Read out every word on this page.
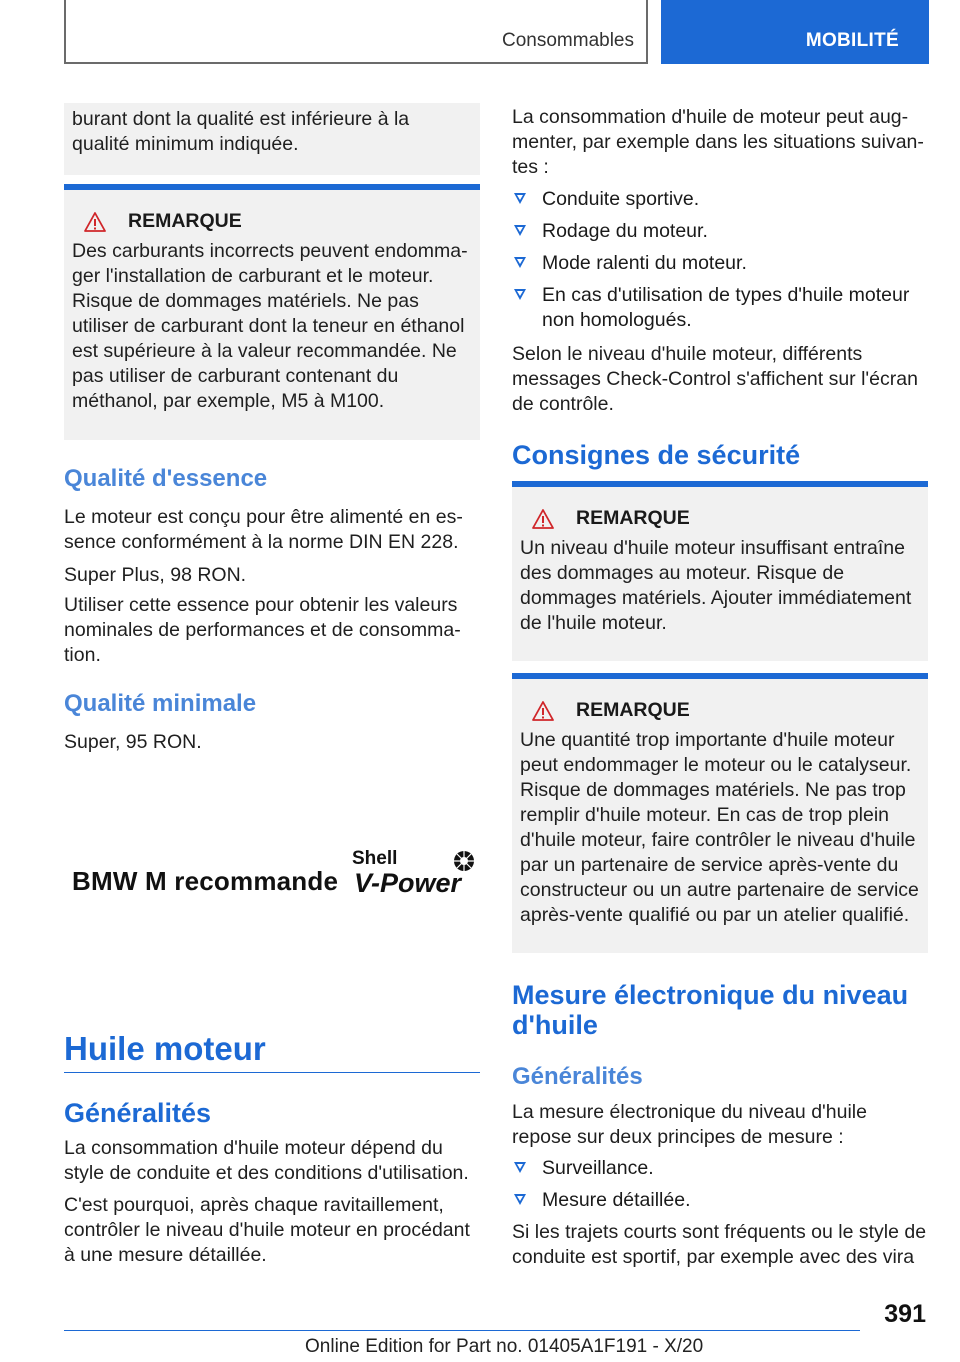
Consommables	MOBILITÉ

burant dont la qualité est inférieure à la qualité minimum indiquée.

REMARQUE

Des carburants incorrects peuvent endommager l'installation de carburant et le moteur. Risque de dommages matériels. Ne pas utiliser de carburant dont la teneur en éthanol est supérieure à la valeur recommandée. Ne pas utiliser de carburant contenant du méthanol, par exemple, M5 à M100.

Qualité d'essence

Le moteur est conçu pour être alimenté en essence conformément à la norme DIN EN 228.

Super Plus, 98 RON.

Utiliser cette essence pour obtenir les valeurs nominales de performances et de consommation.

Qualité minimale

Super, 95 RON.

Huile moteur
Généralités

La consommation d'huile moteur dépend du style de conduite et des conditions d'utilisation.

C'est pourquoi, après chaque ravitaillement, contrôler le niveau d'huile moteur en procédant à une mesure détaillée.

BMW M recommande
Shell
V-Power

La consommation d'huile de moteur peut augmenter, par exemple dans les situations suivantes :

Conduite sportive.
Rodage du moteur.
Mode ralenti du moteur.
En cas d'utilisation de types d'huile moteur non homologués.

Selon le niveau d'huile moteur, différents messages Check-Control s'affichent sur l'écran de contrôle.

Consignes de sécurité
REMARQUE

Un niveau d'huile moteur insuffisant entraîne des dommages au moteur. Risque de dommages matériels. Ajouter immédiatement de l'huile moteur.

REMARQUE

Une quantité trop importante d'huile moteur peut endommager le moteur ou le catalyseur. Risque de dommages matériels. Ne pas trop remplir d'huile moteur. En cas de trop plein d'huile moteur, faire contrôler le niveau d'huile par un partenaire de service après-vente du constructeur ou un autre partenaire de service après-vente qualifié ou par un atelier qualifié.

Mesure électronique du niveau d'huile
Généralités

La mesure électronique du niveau d'huile repose sur deux principes de mesure :

Surveillance.
Mesure détaillée.

Si les trajets courts sont fréquents ou le style de conduite est sportif, par exemple avec des vira

391
Online Edition for Part no. 01405A1F191 - X/20
